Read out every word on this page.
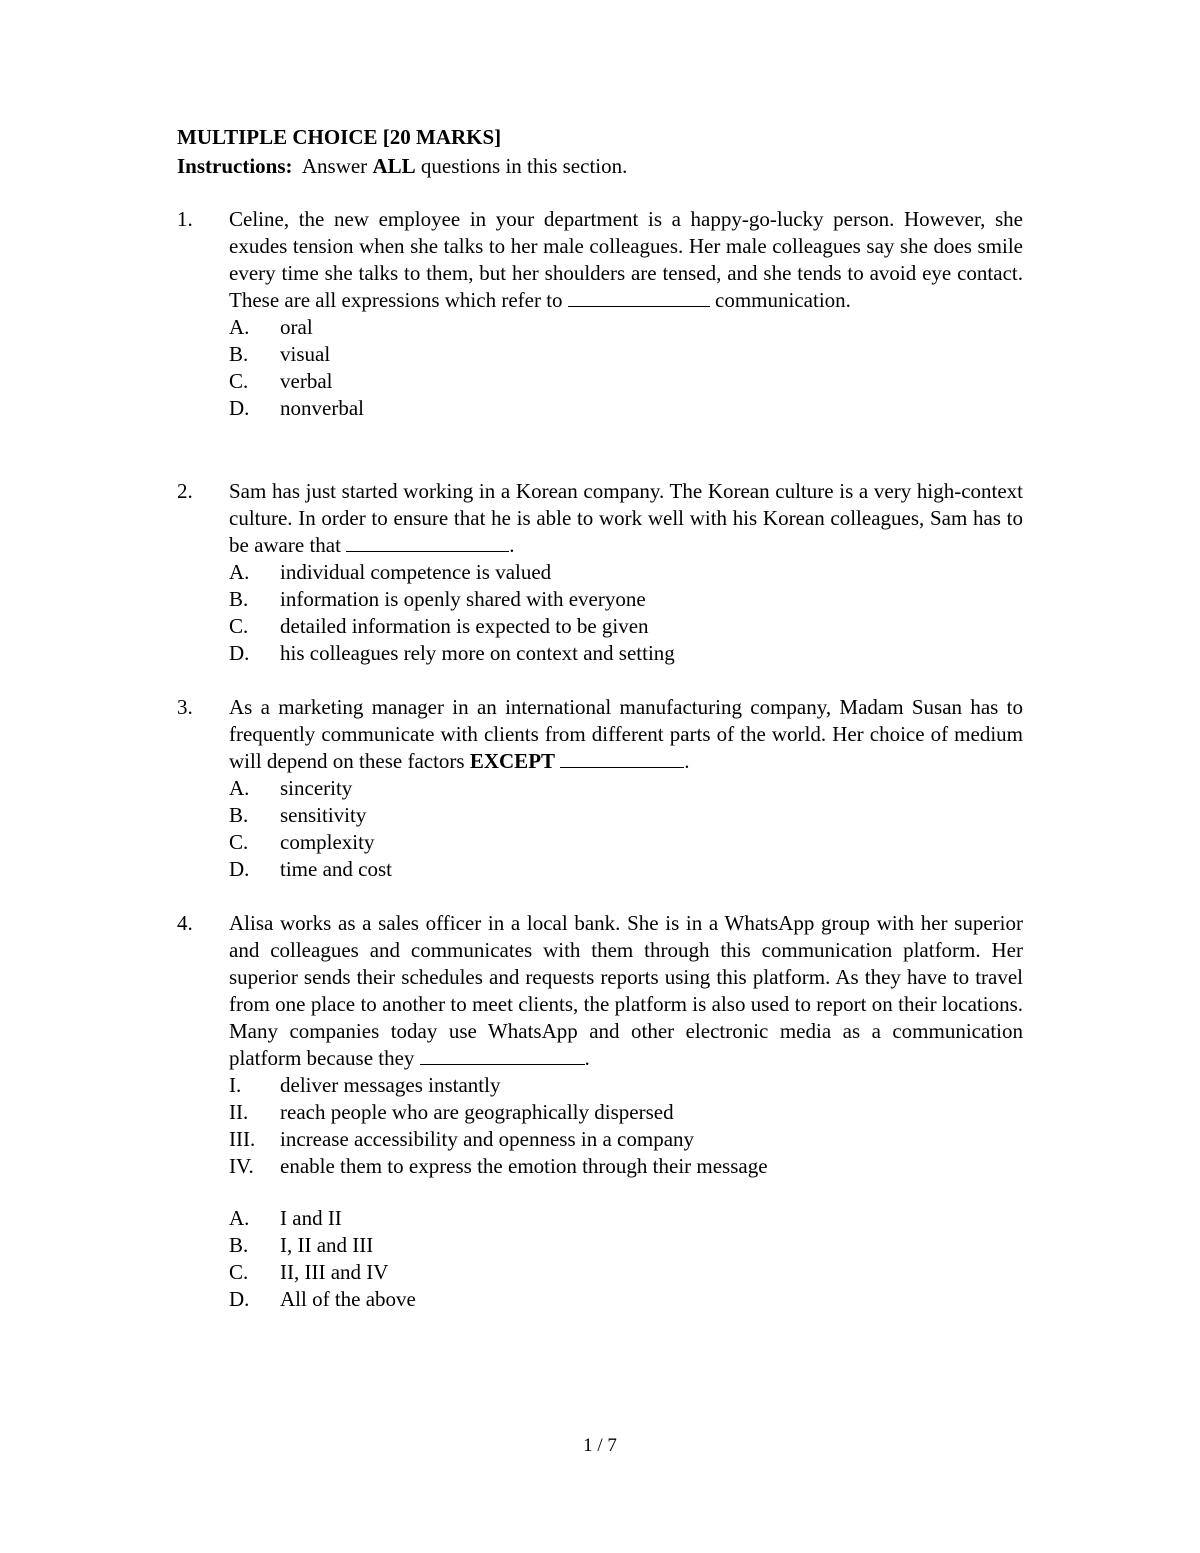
MULTIPLE CHOICE [20 MARKS]
Instructions: Answer ALL questions in this section.
1. Celine, the new employee in your department is a happy-go-lucky person. However, she exudes tension when she talks to her male colleagues. Her male colleagues say she does smile every time she talks to them, but her shoulders are tensed, and she tends to avoid eye contact. These are all expressions which refer to	communication.
A. oral
B. visual
C. verbal
D. nonverbal
2. Sam has just started working in a Korean company. The Korean culture is a very high-context culture. In order to ensure that he is able to work well with his Korean colleagues, Sam has to be aware that	.
A. individual competence is valued
B. information is openly shared with everyone
C. detailed information is expected to be given
D. his colleagues rely more on context and setting
3. As a marketing manager in an international manufacturing company, Madam Susan has to frequently communicate with clients from different parts of the world. Her choice of medium will depend on these factors EXCEPT	.
A. sincerity
B. sensitivity
C. complexity
D. time and cost
4. Alisa works as a sales officer in a local bank. She is in a WhatsApp group with her superior and colleagues and communicates with them through this communication platform. Her superior sends their schedules and requests reports using this platform. As they have to travel from one place to another to meet clients, the platform is also used to report on their locations. Many companies today use WhatsApp and other electronic media as a communication platform because they	.
I. deliver messages instantly
II. reach people who are geographically dispersed
III. increase accessibility and openness in a company
IV. enable them to express the emotion through their message
A. I and II
B. I, II and III
C. II, III and IV
D. All of the above
1 / 7
